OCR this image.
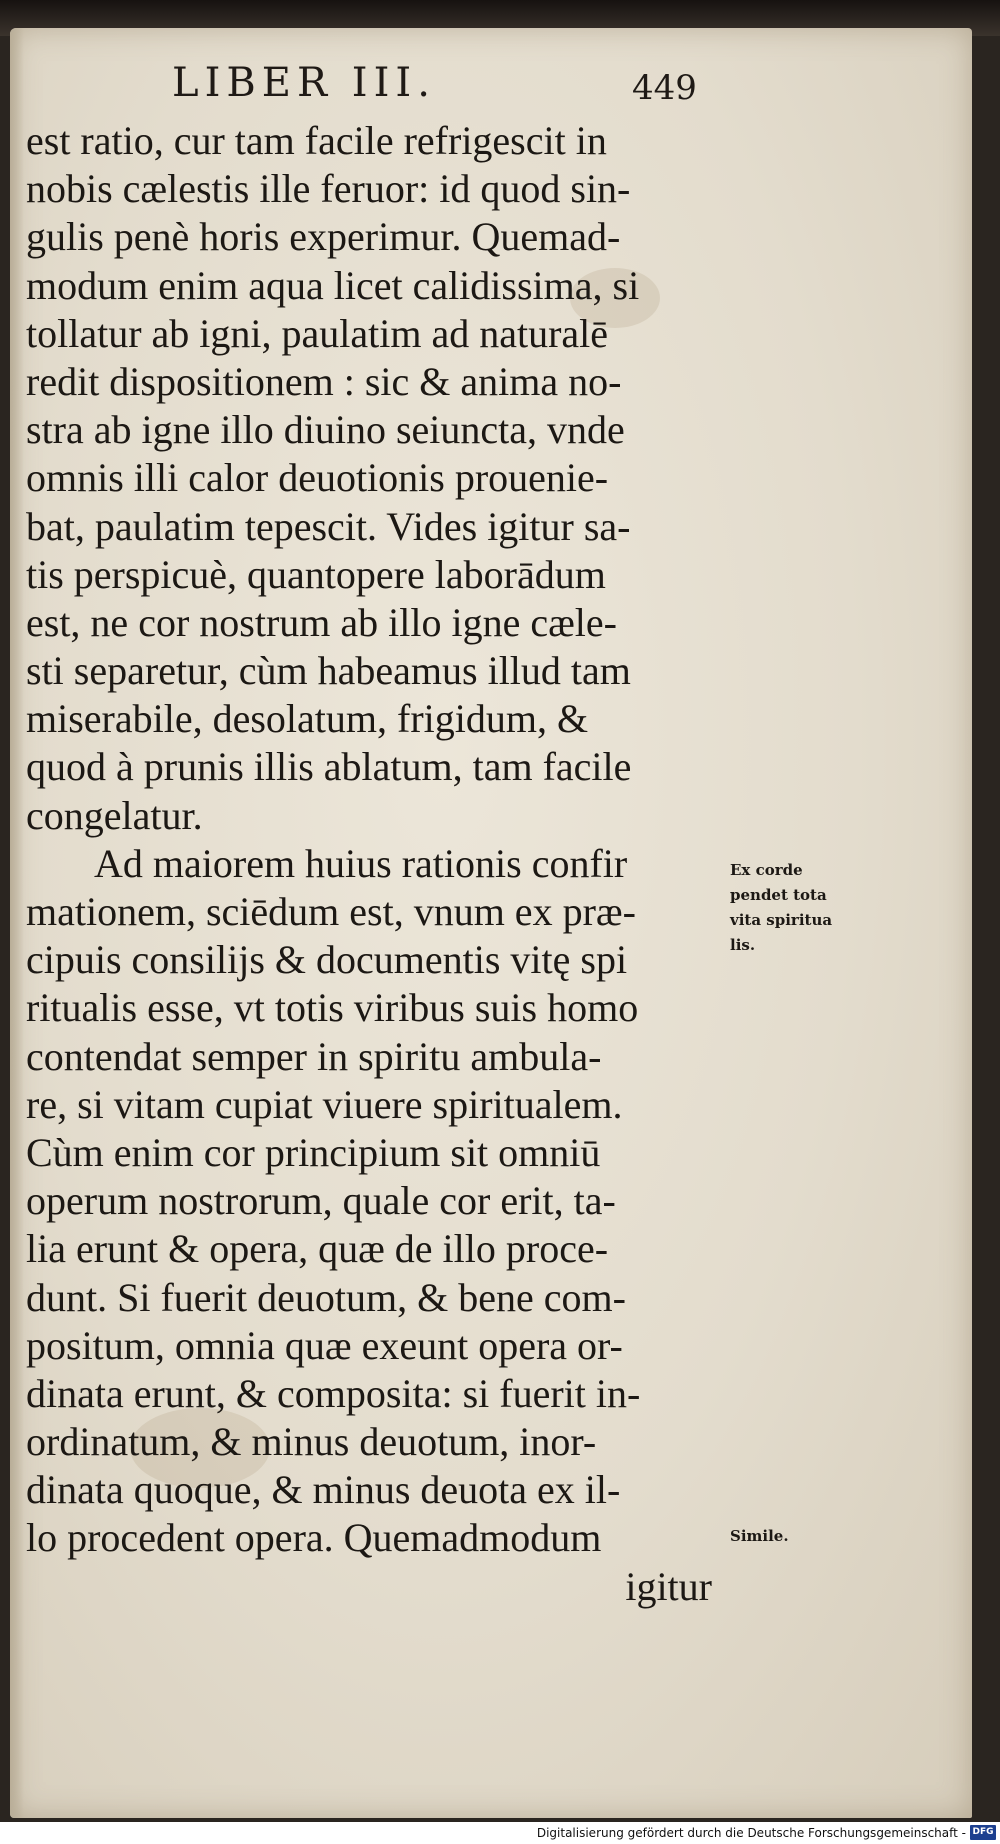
LIBER III.	449
est ratio, cur tam facile refrigescit in
nobis cælestis ille feruor: id quod sin-
gulis penè horis experimur. Quemad-
modum enim aqua licet calidissima, si
tollatur ab igni, paulatim ad naturalē
redit dispositionem : sic & anima no-
stra ab igne illo diuino seiuncta, vnde
omnis illi calor deuotionis prouenie-
bat, paulatim tepescit. Vides igitur sa-
tis perspicuè, quantopere laborādum
est, ne cor nostrum ab illo igne cæle-
sti separetur, cùm habeamus illud tam
miserabile, desolatum, frigidum, &
quod à prunis illis ablatum, tam facile
congelatur.
Ad maiorem huius rationis confir
mationem, sciēdum est, vnum ex præ-
cipuis consilijs & documentis vitę spi
ritualis esse, vt totis viribus suis homo
contendat semper in spiritu ambula-
re, si vitam cupiat viuere spiritualem.
Cùm enim cor principium sit omniū
operum nostrorum, quale cor erit, ta-
lia erunt & opera, quæ de illo proce-
dunt. Si fuerit deuotum, & bene com-
positum, omnia quæ exeunt opera or-
dinata erunt, & composita: si fuerit in-
ordinatum, & minus deuotum, inor-
dinata quoque, & minus deuota ex il-
lo procedent opera. Quemadmodum
igitur
Ex corde
pendet tota
vita spiritua
lis.
Simile.
Digitalisierung gefördert durch die Deutsche Forschungsgemeinschaft - DFG
